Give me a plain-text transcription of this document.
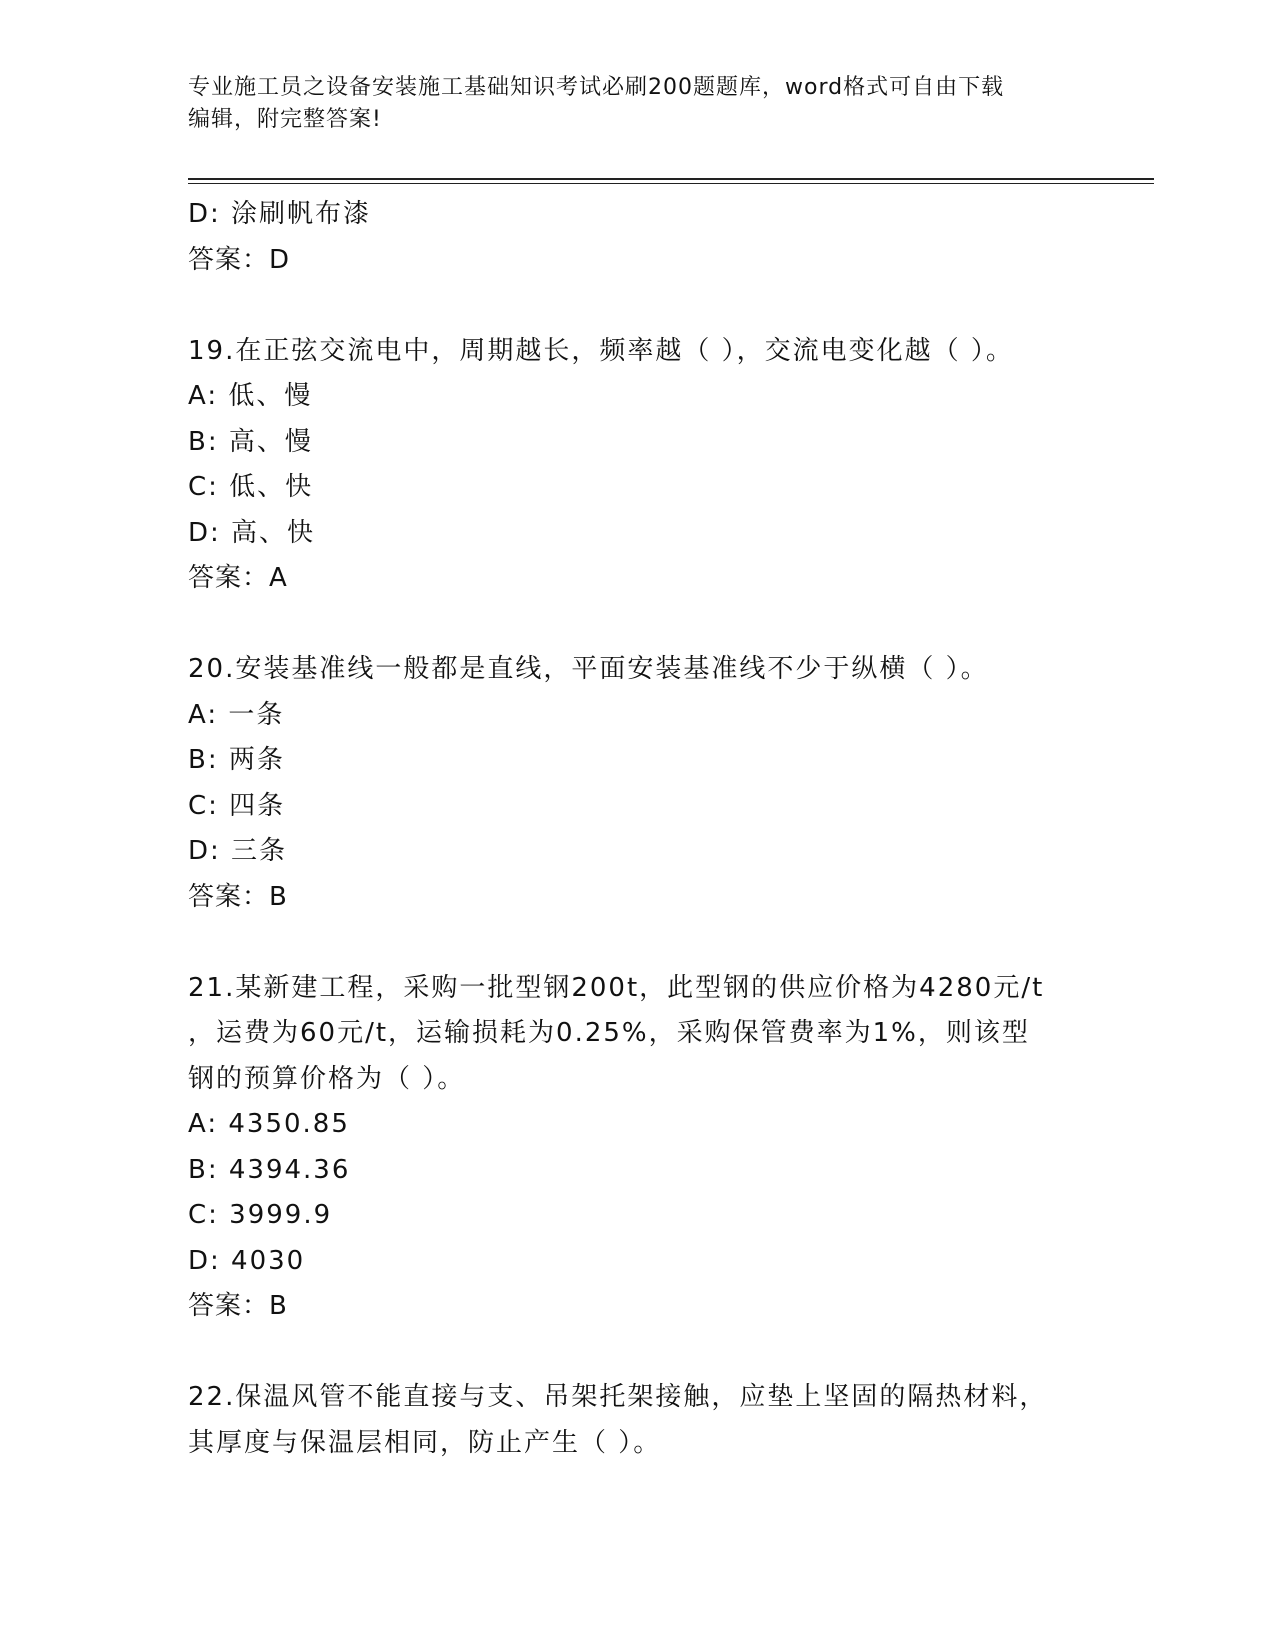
专业施工员之设备安装施工基础知识考试必刷200题题库，word格式可自由下载
编辑，附完整答案!
D: 涂刷帆布漆
答案：D
19.在正弦交流电中，周期越长，频率越（ ），交流电变化越（ ）。
A: 低、慢
B: 高、慢
C: 低、快
D: 高、快
答案：A
20.安装基准线一般都是直线，平面安装基准线不少于纵横（ ）。
A: 一条
B: 两条
C: 四条
D: 三条
答案：B
21.某新建工程，采购一批型钢200t，此型钢的供应价格为4280元/t
，运费为60元/t，运输损耗为0.25%，采购保管费率为1%，则该型
钢的预算价格为（ ）。
A: 4350.85
B: 4394.36
C: 3999.9
D: 4030
答案：B
22.保温风管不能直接与支、吊架托架接触，应垫上坚固的隔热材料，
其厚度与保温层相同，防止产生（ ）。
